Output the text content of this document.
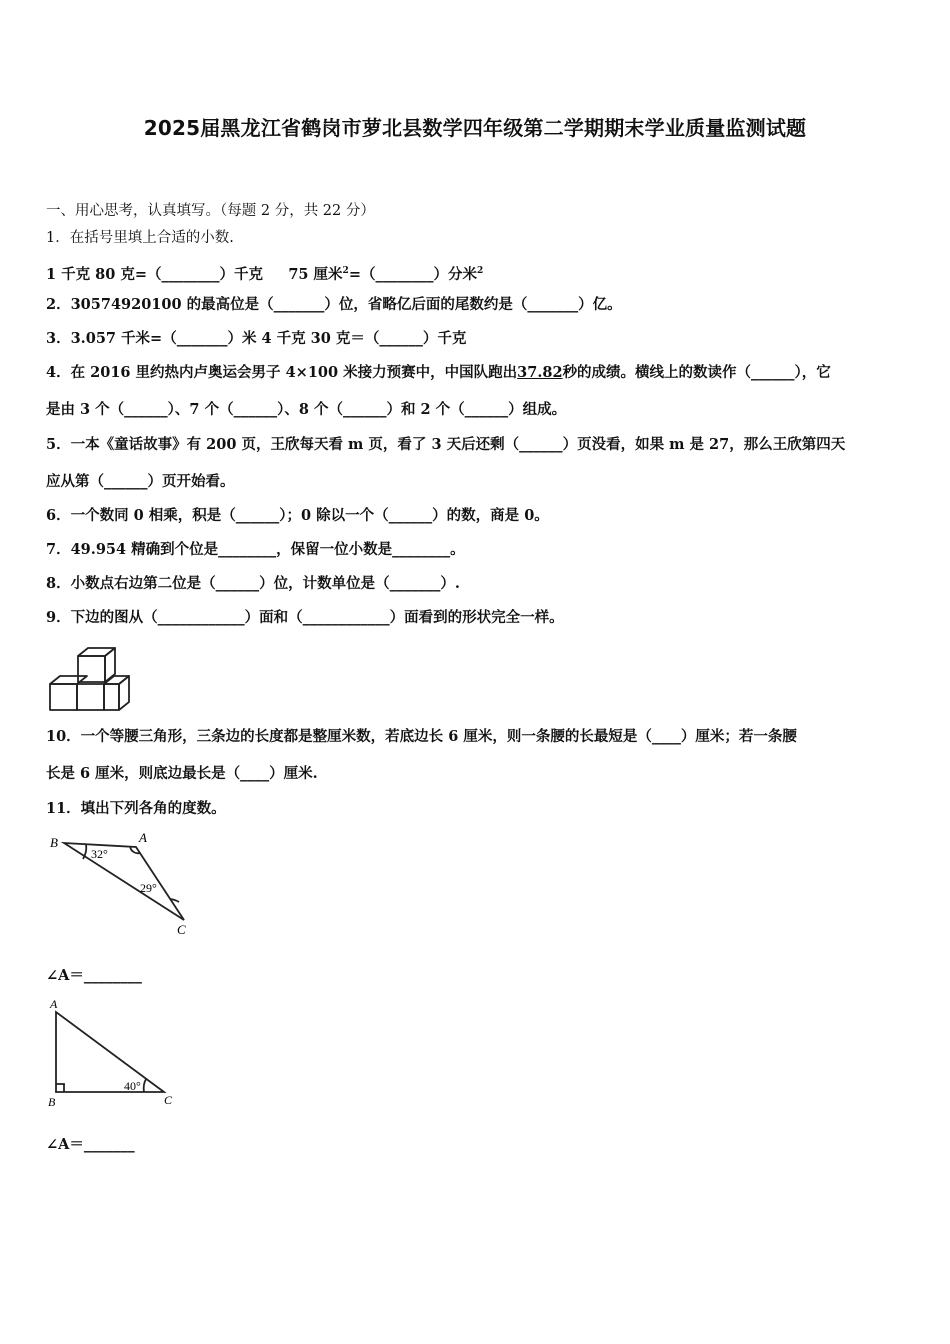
2025届黑龙江省鹤岗市萝北县数学四年级第二学期期末学业质量监测试题
一、用心思考，认真填写。（每题 2 分，共 22 分）
1．在括号里填上合适的小数.
1 千克 80 克=（________）千克 75 厘米$^2$=（________）分米$^2$
2．30574920100 的最高位是（_______）位，省略亿后面的尾数约是（_______）亿。
3．3.057 千米=（_______）米 4 千克 30 克＝（______）千克
4．在 2016 里约热内卢奥运会男子 4×100 米接力预赛中，中国队跑出37.82秒的成绩。横线上的数读作（______），它
是由 3 个（______）、7 个（______）、8 个（______）和 2 个（______）组成。
5．一本《童话故事》有 200 页，王欣每天看 m 页，看了 3 天后还剩（______）页没看，如果 m 是 27，那么王欣第四天
应从第（______）页开始看。
6．一个数同 0 相乘，积是（______）；0 除以一个（______）的数，商是 0。
7．49.954 精确到个位是________，保留一位小数是________。
8．小数点右边第二位是（______）位，计数单位是（_______）.
9．下边的图从（____________）面和（____________）面看到的形状完全一样。
10．一个等腰三角形，三条边的长度都是整厘米数，若底边长 6 厘米，则一条腰的长最短是（____）厘米；若一条腰
长是 6 厘米，则底边最长是（____）厘米.
11．填出下列各角的度数。
B	A
C
32°
29°
∠A＝________
A
B	C
40°
∠A＝_______
